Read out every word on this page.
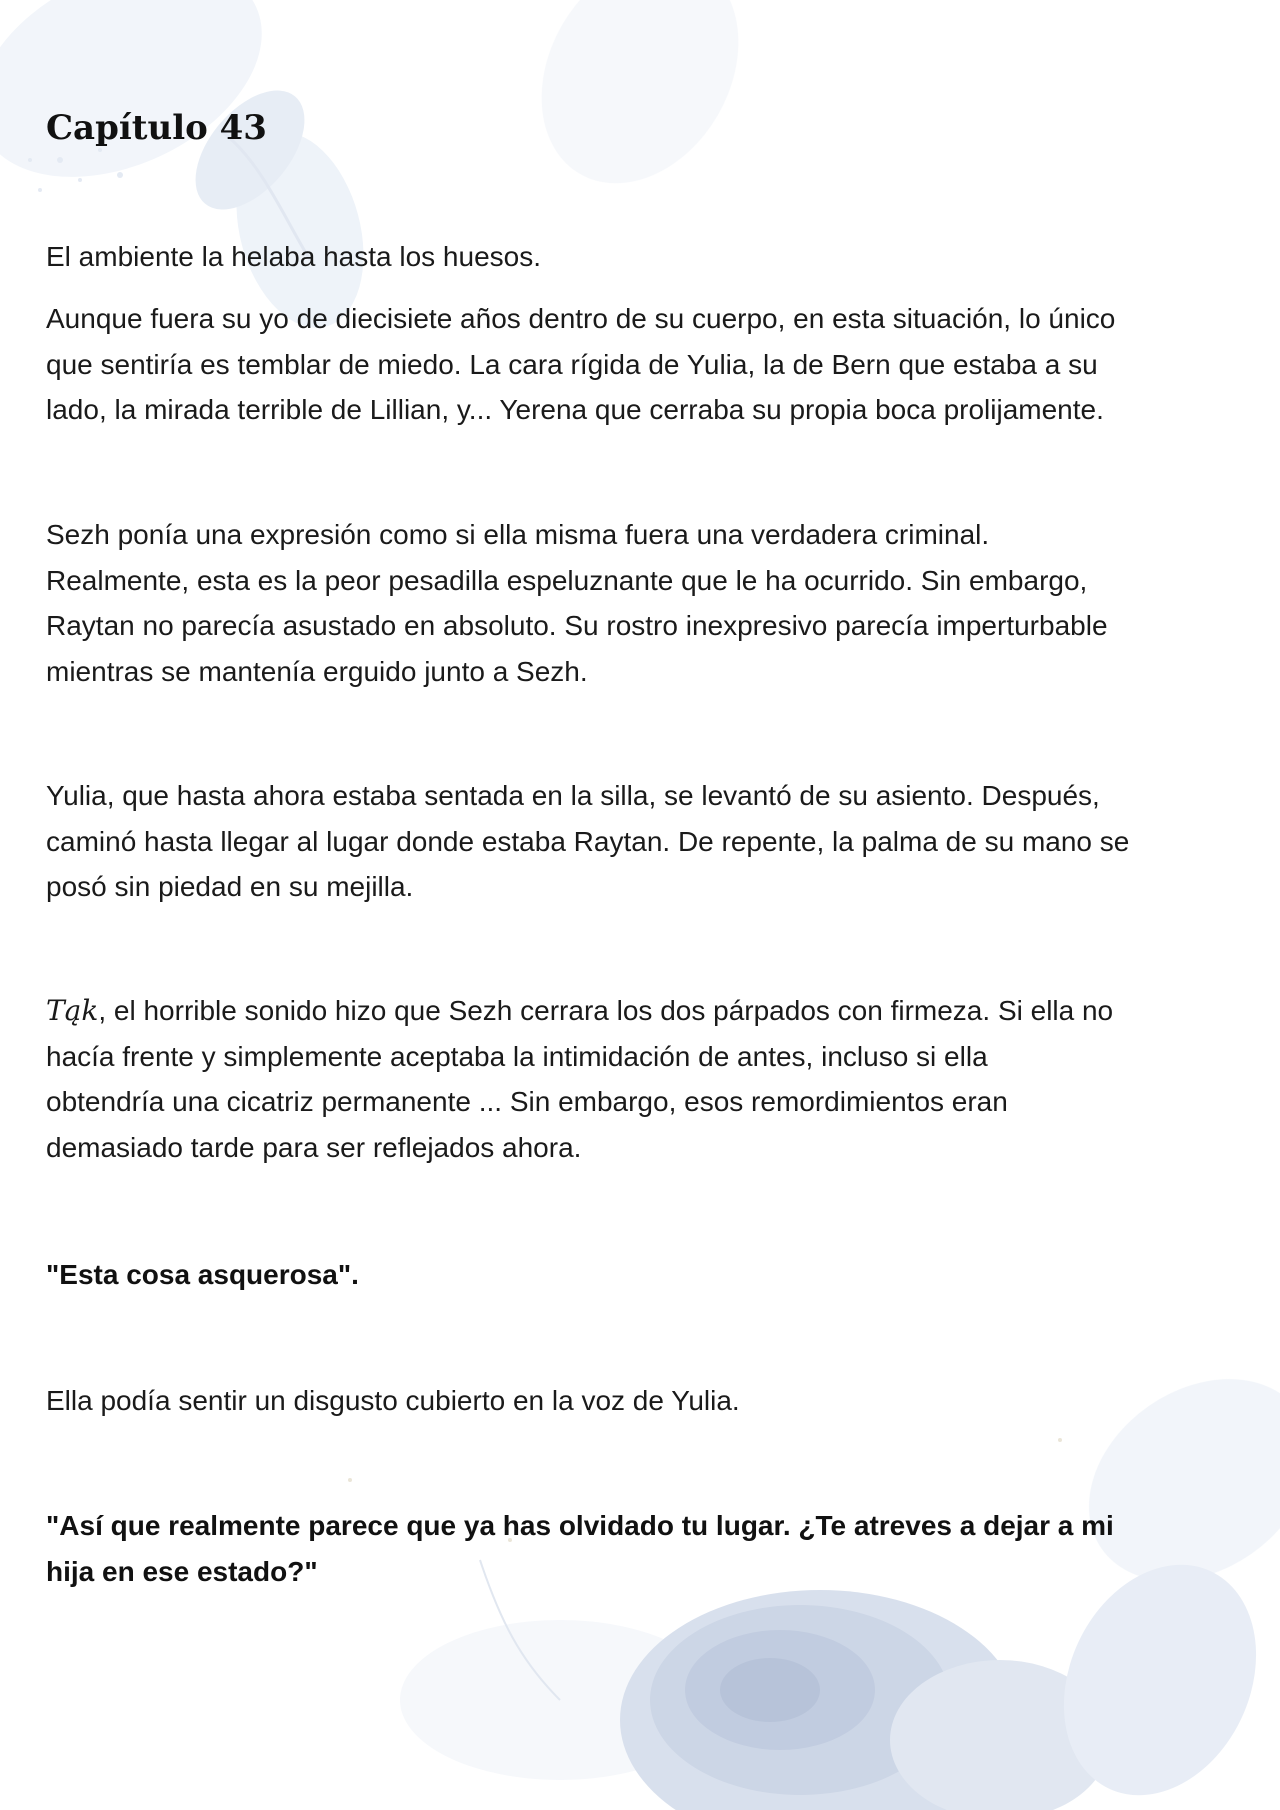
Capítulo 43

El ambiente la helaba hasta los huesos.

Aunque fuera su yo de diecisiete años dentro de su cuerpo, en esta situación, lo único
que sentiría es temblar de miedo. La cara rígida de Yulia, la de Bern que estaba a su
lado, la mirada terrible de Lillian, y... Yerena que cerraba su propia boca prolijamente.

Sezh ponía una expresión como si ella misma fuera una verdadera criminal.
Realmente, esta es la peor pesadilla espeluznante que le ha ocurrido. Sin embargo,
Raytan no parecía asustado en absoluto. Su rostro inexpresivo parecía imperturbable
mientras se mantenía erguido junto a Sezh.

Yulia, que hasta ahora estaba sentada en la silla, se levantó de su asiento. Después,
caminó hasta llegar al lugar donde estaba Raytan. De repente, la palma de su mano se
posó sin piedad en su mejilla.

Tąk, el horrible sonido hizo que Sezh cerrara los dos párpados con firmeza. Si ella no
hacía frente y simplemente aceptaba la intimidación de antes, incluso si ella
obtendría una cicatriz permanente ... Sin embargo, esos remordimientos eran
demasiado tarde para ser reflejados ahora.

"Esta cosa asquerosa".

Ella podía sentir un disgusto cubierto en la voz de Yulia.

"Así que realmente parece que ya has olvidado tu lugar. ¿Te atreves a dejar a mi
hija en ese estado?"
